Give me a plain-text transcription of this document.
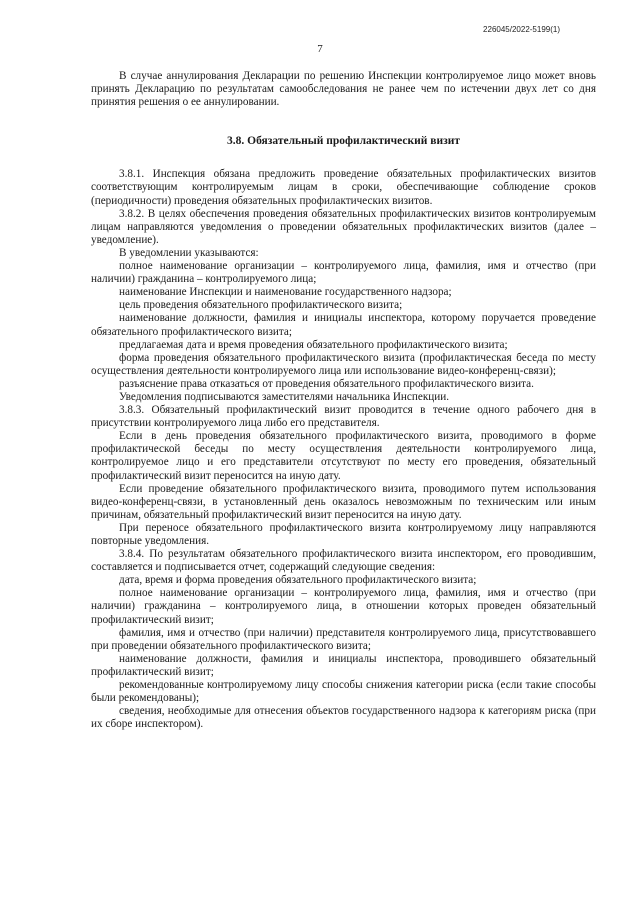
226045/2022-5199(1)
7

В случае аннулирования Декларации по решению Инспекции контролируемое лицо может вновь принять Декларацию по результатам самообследования не ранее чем по истечении двух лет со дня принятия решения о ее аннулировании.

3.8. Обязательный профилактический визит

3.8.1. Инспекция обязана предложить проведение обязательных профилактических визитов соответствующим контролируемым лицам в сроки, обеспечивающие соблюдение сроков (периодичности) проведения обязательных профилактических визитов.

3.8.2. В целях обеспечения проведения обязательных профилактических визитов контролируемым лицам направляются уведомления о проведении обязательных профилактических визитов (далее – уведомление).

В уведомлении указываются:

полное наименование организации – контролируемого лица, фамилия, имя и отчество (при наличии) гражданина – контролируемого лица;

наименование Инспекции и наименование государственного надзора;

цель проведения обязательного профилактического визита;

наименование должности, фамилия и инициалы инспектора, которому поручается проведение обязательного профилактического визита;

предлагаемая дата и время проведения обязательного профилактического визита;

форма проведения обязательного профилактического визита (профилактическая беседа по месту осуществления деятельности контролируемого лица или использование видео-конференц-связи);

разъяснение права отказаться от проведения обязательного профилактического визита.

Уведомления подписываются заместителями начальника Инспекции.

3.8.3. Обязательный профилактический визит проводится в течение одного рабочего дня в присутствии контролируемого лица либо его представителя.

Если в день проведения обязательного профилактического визита, проводимого в форме профилактической беседы по месту осуществления деятельности контролируемого лица, контролируемое лицо и его представители отсутствуют по месту его проведения, обязательный профилактический визит переносится на иную дату.

Если проведение обязательного профилактического визита, проводимого путем использования видео-конференц-связи, в установленный день оказалось невозможным по техническим или иным причинам, обязательный профилактический визит переносится на иную дату.

При переносе обязательного профилактического визита контролируемому лицу направляются повторные уведомления.

3.8.4. По результатам обязательного профилактического визита инспектором, его проводившим, составляется и подписывается отчет, содержащий следующие сведения:

дата, время и форма проведения обязательного профилактического визита;

полное наименование организации – контролируемого лица, фамилия, имя и отчество (при наличии) гражданина – контролируемого лица, в отношении которых проведен обязательный профилактический визит;

фамилия, имя и отчество (при наличии) представителя контролируемого лица, присутствовавшего при проведении обязательного профилактического визита;

наименование должности, фамилия и инициалы инспектора, проводившего обязательный профилактический визит;

рекомендованные контролируемому лицу способы снижения категории риска (если такие способы были рекомендованы);

сведения, необходимые для отнесения объектов государственного надзора к категориям риска (при их сборе инспектором).
